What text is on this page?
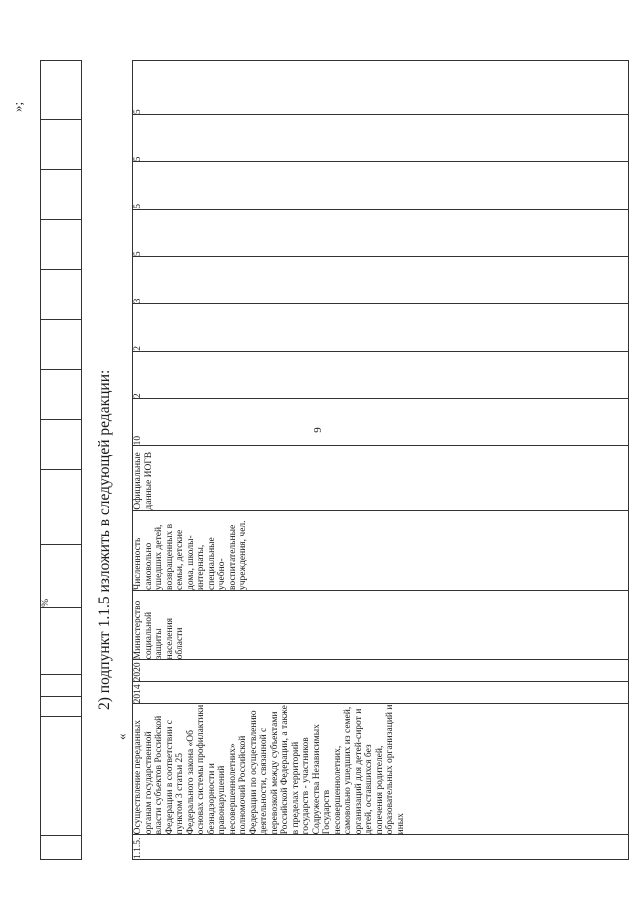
9
					%									
»;
2) подпункт 1.1.5 изложить в следующей редакции:
«
1.1.5.	Осуществление переданных органам государственной власти субъектов Российской Федерации в соответствии с пунктом 3 статьи 25 Федерального закона «Об основах системы профилактики безнадзорности и правонарушений несовершеннолетних» полномочий Российской Федерации по осуществлению деятельности, связанной с перевозкой между субъектами Российской Федерации, а также в пределах территорий государств - участников Содружества Независимых Государств несовершеннолетних, самовольно ушедших из семей, организаций для детей-сирот и детей, оставшихся без попечения родителей, образовательных организаций и иных	2014	2020	Министерство социальной защиты населения области	Численность самовольно ушедших детей, возвращенных в семьи, детские дома, школы-интернаты, специальные учебно-воспитательные учреждения, чел.	Официальные данные ИОГВ	10	2	2	3	5	5	5	5
